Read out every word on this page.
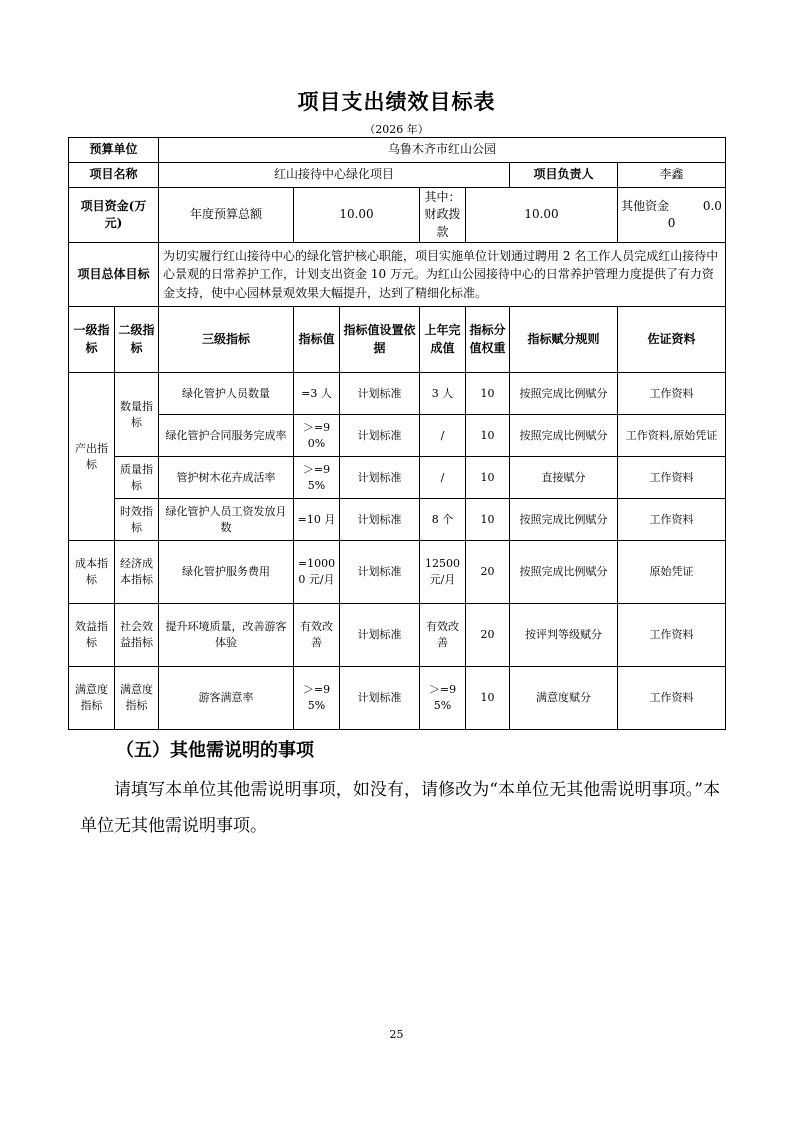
项目支出绩效目标表
（2026 年）
预算单位		乌鲁木齐市红山公园						
项目名称		红山接待中心绿化项目					项目负责人	李鑫
项目资金(万元)		年度预算总额	10.00		其中：财政拨款	10.00		其他资金 0.00
项目总体目标		为切实履行红山接待中心的绿化管护核心职能，项目实施单位计划通过聘用 2 名工作人员完成红山接待中心景观的日常养护工作，计划支出资金 10 万元。为红山公园接待中心的日常养护管理力度提供了有力资金支持，使中心园林景观效果大幅提升，达到了精细化标准。						
一级指标	二级指标	三级指标	指标值	指标值设置依据	上年完成值	指标分值权重	指标赋分规则	佐证资料
产出指标	数量指标	绿化管护人员数量	=3 人	计划标准	3 人	10	按照完成比例赋分	工作资料
		绿化管护合同服务完成率	＞=90%	计划标准	/	10	按照完成比例赋分	工作资料,原始凭证
	质量指标	管护树木花卉成活率	＞=95%	计划标准	/	10	直接赋分	工作资料
	时效指标	绿化管护人员工资发放月数	=10 月	计划标准	8 个	10	按照完成比例赋分	工作资料
成本指标	经济成本指标	绿化管护服务费用	=10000 元/月	计划标准	12500 元/月	20	按照完成比例赋分	原始凭证
效益指标	社会效益指标	提升环境质量，改善游客体验	有效改善	计划标准	有效改善	20	按评判等级赋分	工作资料
满意度指标	满意度指标	游客满意率	＞=95%	计划标准	＞=95%	10	满意度赋分	工作资料
（五）其他需说明的事项
请填写本单位其他需说明事项，如没有，请修改为“本单位无其他需说明事项。”本单位无其他需说明事项。
25
